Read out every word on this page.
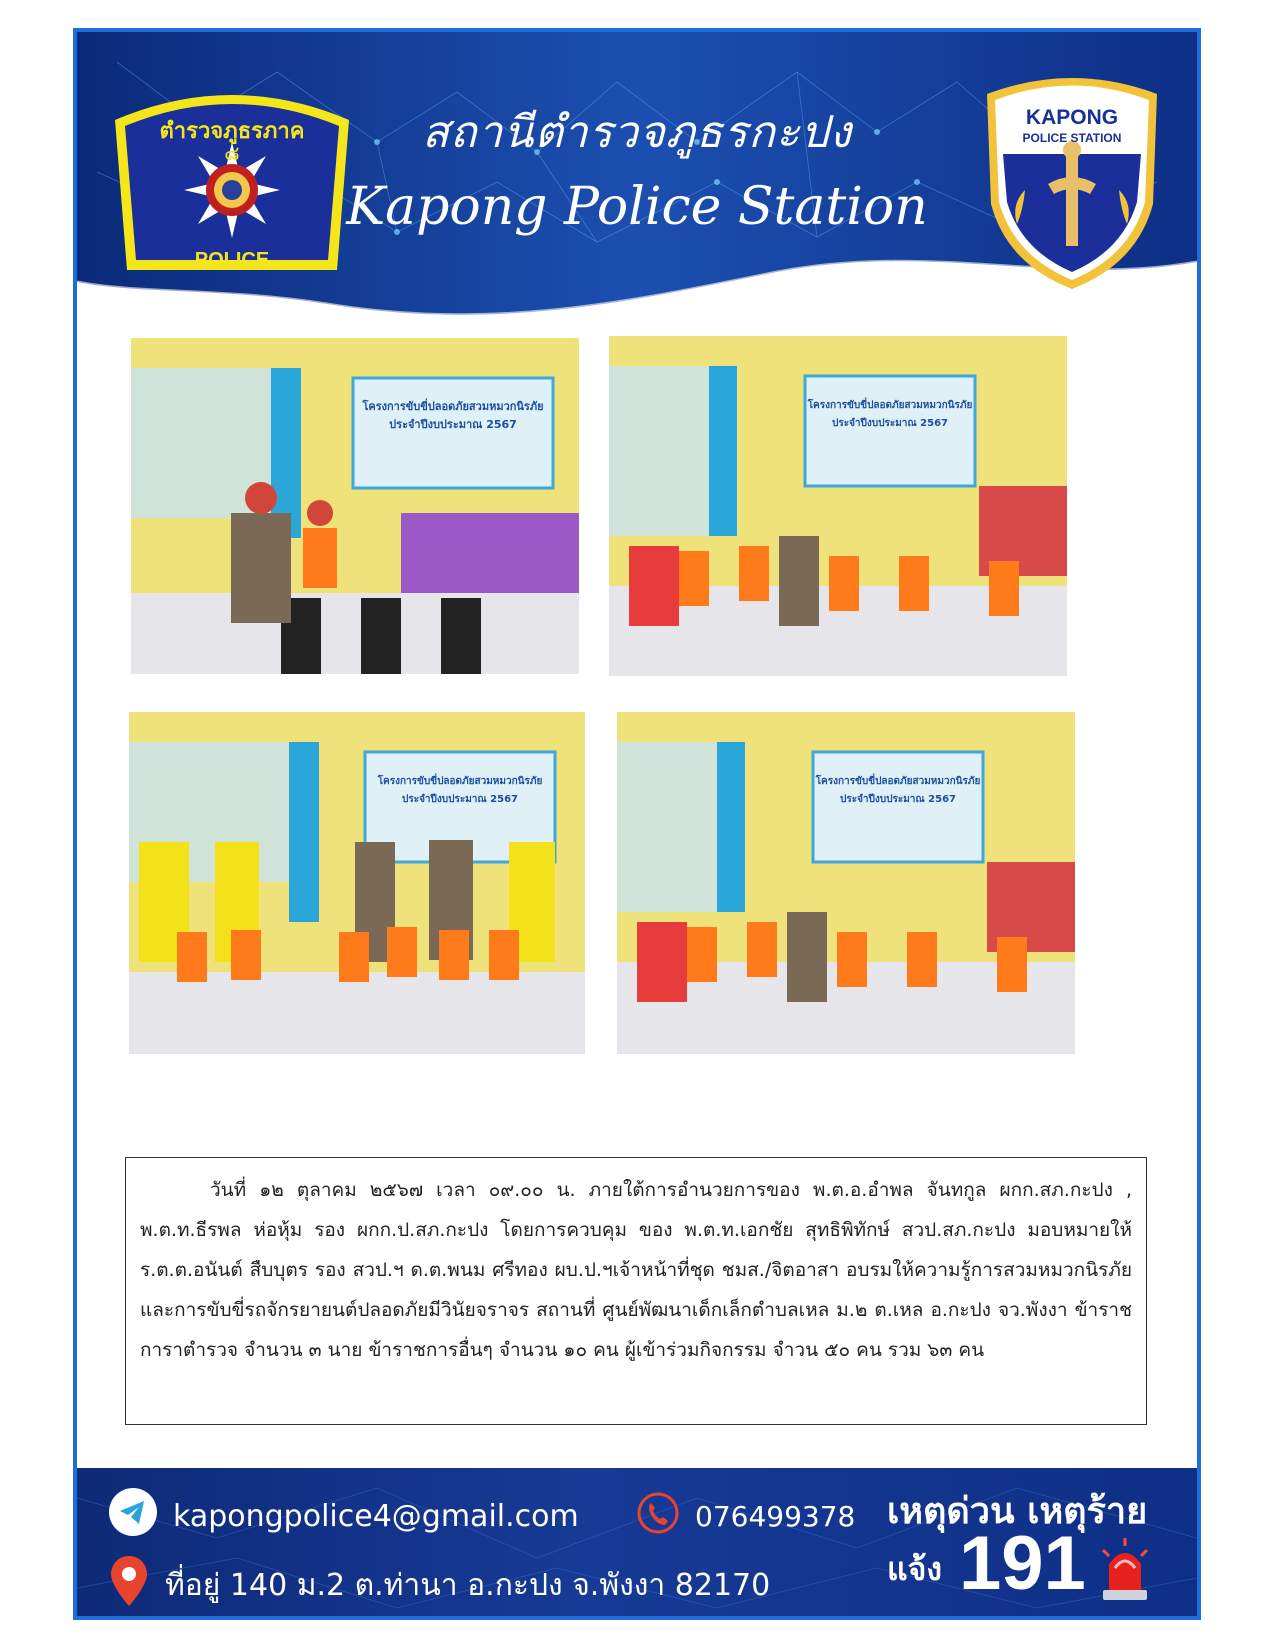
ตำรวจภูธรภาค
๘
POLICE
สถานีตำรวจภูธรกะปง
Kapong Police Station
KAPONG
POLICE STATION
โครงการขับขี่ปลอดภัยสวมหมวกนิรภัย
ประจำปีงบประมาณ 2567
โครงการขับขี่ปลอดภัยสวมหมวกนิรภัย
ประจำปีงบประมาณ 2567
โครงการขับขี่ปลอดภัยสวมหมวกนิรภัย
ประจำปีงบประมาณ 2567
โครงการขับขี่ปลอดภัยสวมหมวกนิรภัย
ประจำปีงบประมาณ 2567
วันที่ ๑๒ ตุลาคม ๒๕๖๗ เวลา ๐๙.๐๐ น. ภายใต้การอำนวยการของ พ.ต.อ.อำพล จันทกูล ผกก.สภ.กะปง , พ.ต.ท.ธีรพล ห่อหุ้ม รอง ผกก.ป.สภ.กะปง โดยการควบคุม ของ พ.ต.ท.เอกชัย สุทธิพิทักษ์ สวป.สภ.กะปง มอบหมายให้ ร.ต.ต.อนันต์ สืบบุตร รอง สวป.ฯ ด.ต.พนม ศรีทอง ผบ.ป.ฯเจ้าหน้าที่ชุด ชมส./จิตอาสา อบรมให้ความรู้การสวมหมวกนิรภัย และการขับขี่รถจักรยายนต์ปลอดภัยมีวินัยจราจร สถานที่ ศูนย์พัฒนาเด็กเล็กตำบลเหล ม.๒ ต.เหล อ.กะปง จว.พังงา ข้าราชการาตำรวจ จำนวน ๓ นาย ข้าราชการอื่นๆ จำนวน ๑๐ คน ผู้เข้าร่วมกิจกรรม จำวน ๕๐ คน รวม ๖๓ คน
kapongpolice4@gmail.com	076499378
ที่อยู่ 140 ม.2 ต.ท่านา อ.กะปง จ.พังงา 82170
เหตุด่วน เหตุร้าย
แจ้ง 191
